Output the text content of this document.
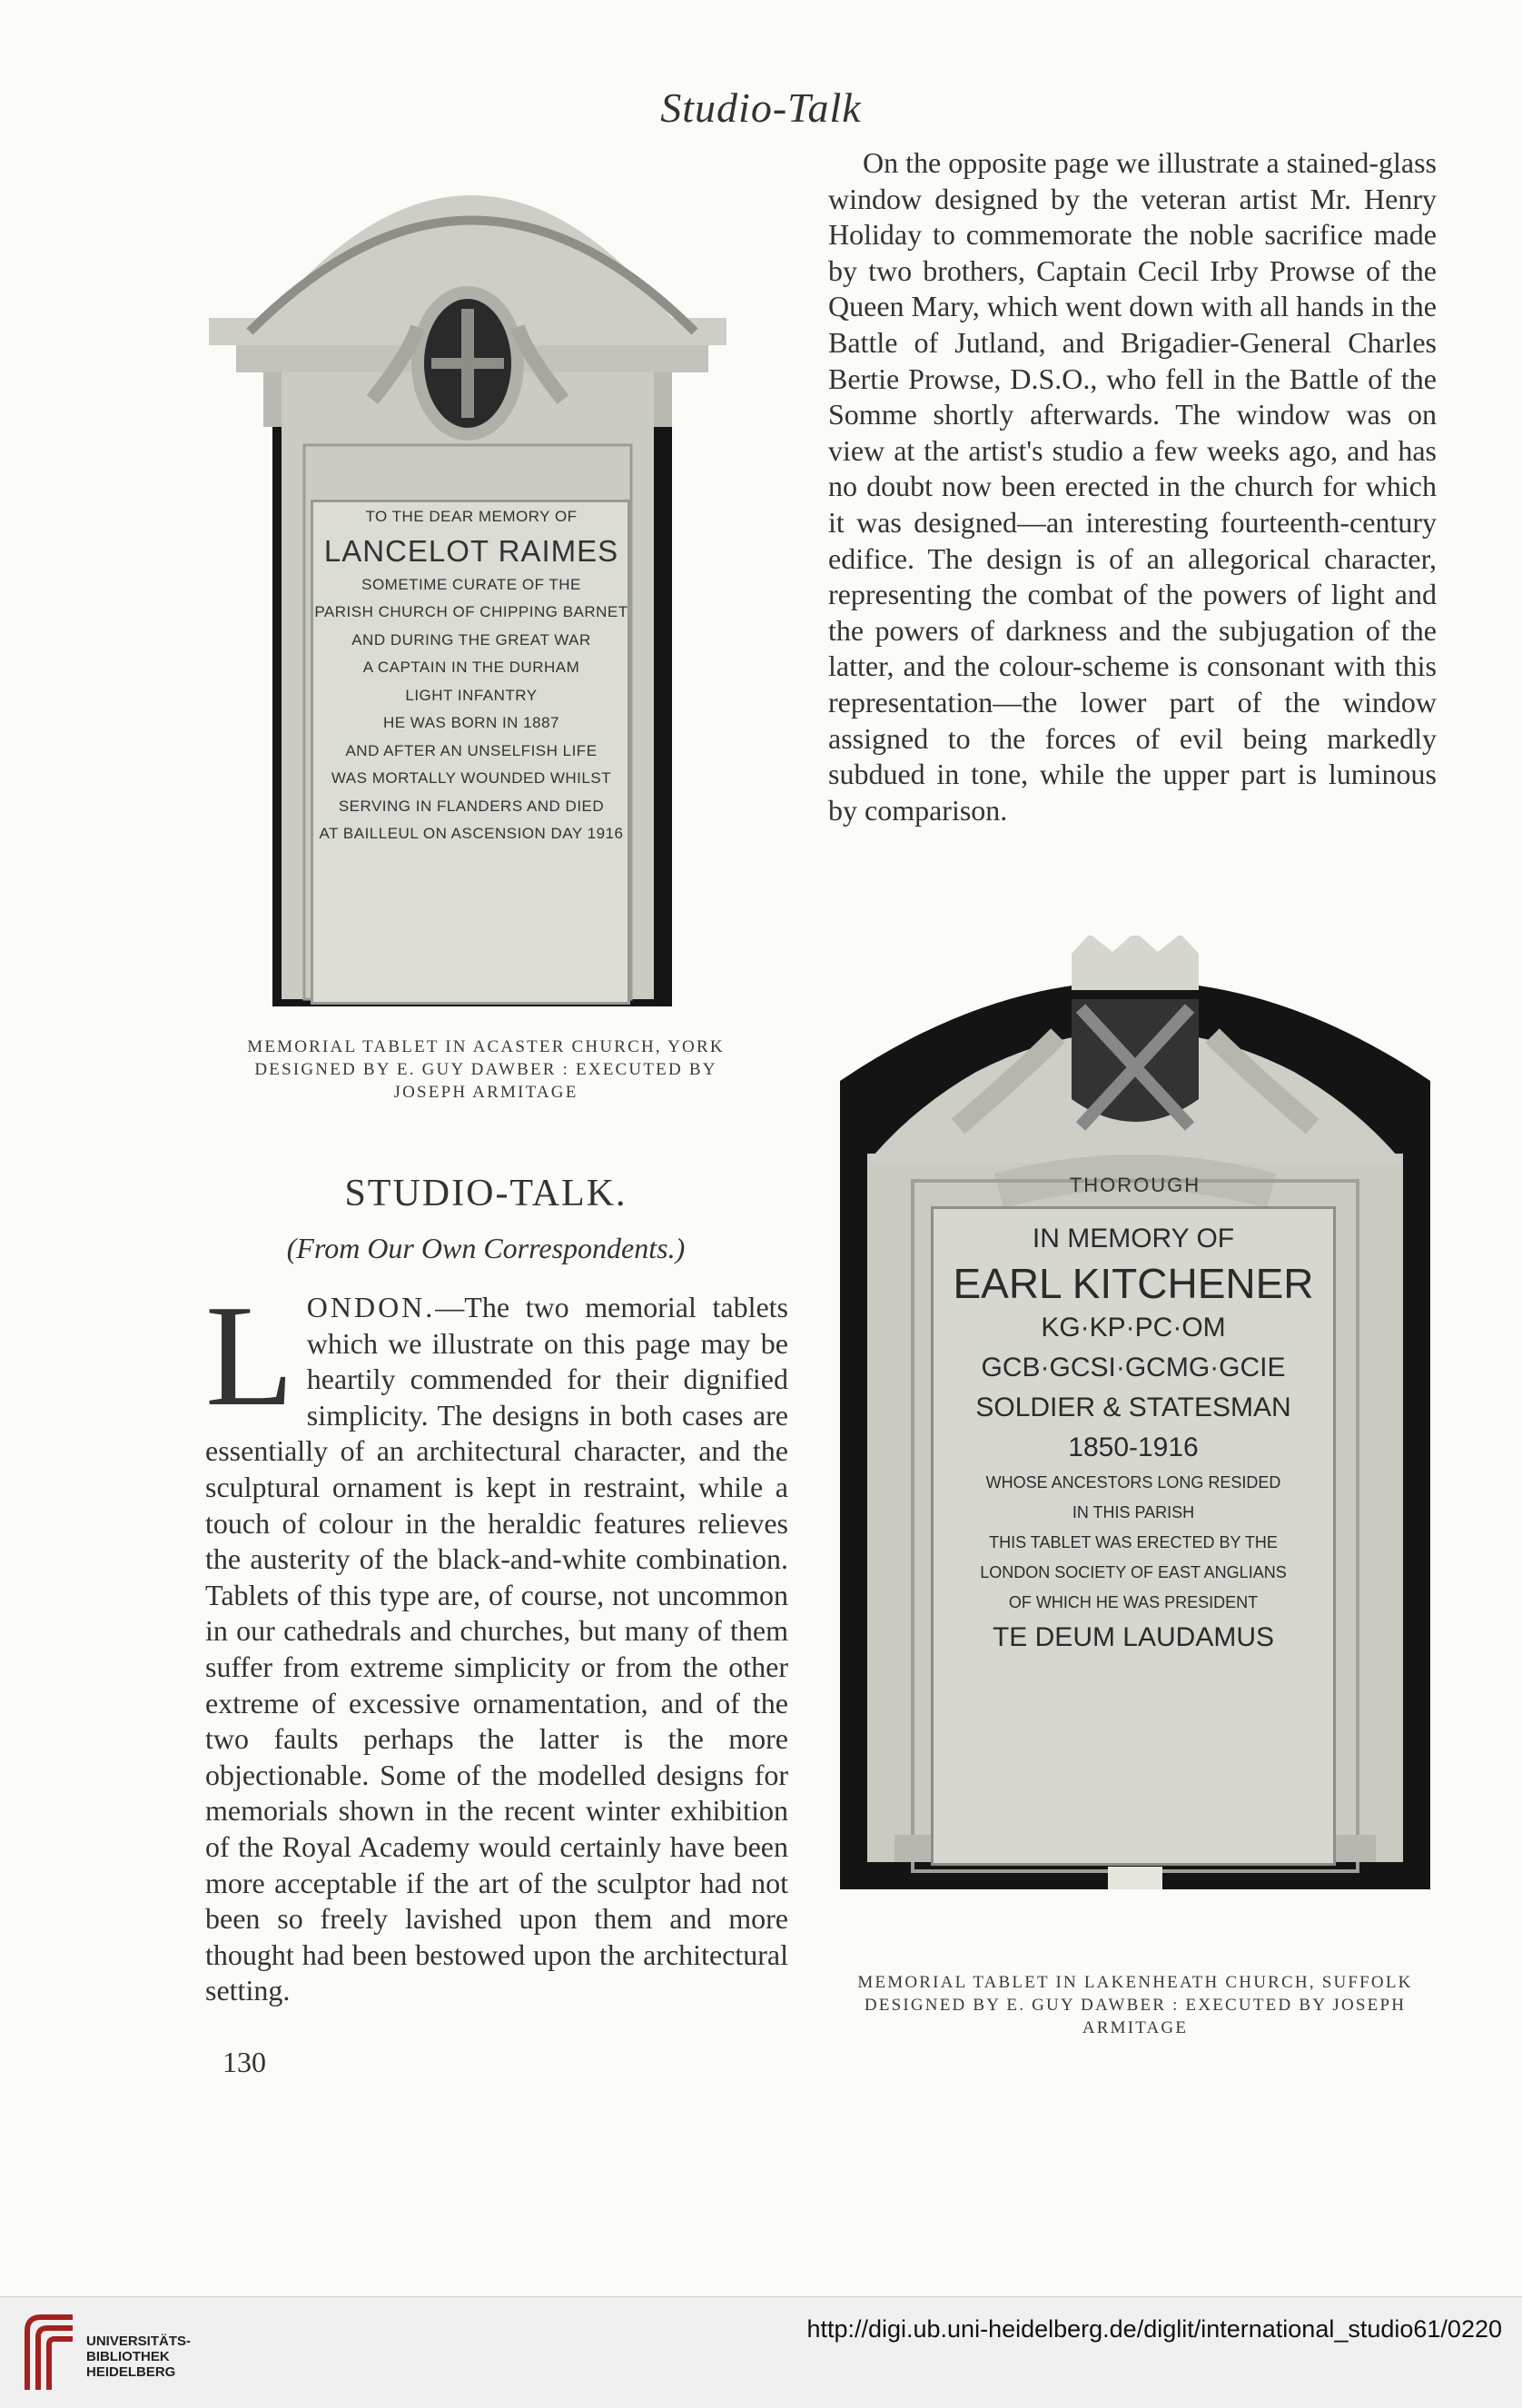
Studio-Talk
On the opposite page we illustrate a stained-glass window designed by the veteran artist Mr. Henry Holiday to commemorate the noble sacrifice made by two brothers, Captain Cecil Irby Prowse of the Queen Mary, which went down with all hands in the Battle of Jutland, and Brigadier-General Charles Bertie Prowse, D.S.O., who fell in the Battle of the Somme shortly afterwards. The window was on view at the artist's studio a few weeks ago, and has no doubt now been erected in the church for which it was designed—an interesting fourteenth-century edifice. The design is of an allegorical character, representing the combat of the powers of light and the powers of darkness and the subjugation of the latter, and the colour-scheme is consonant with this representation—the lower part of the window assigned to the forces of evil being markedly subdued in tone, while the upper part is luminous by comparison.
TO THE DEAR MEMORY OF
LANCELOT RAIMES
SOMETIME CURATE OF THE
PARISH CHURCH OF CHIPPING BARNET
AND DURING THE GREAT WAR
A CAPTAIN IN THE DURHAM
LIGHT INFANTRY
HE WAS BORN IN 1887
AND AFTER AN UNSELFISH LIFE
WAS MORTALLY WOUNDED WHILST
SERVING IN FLANDERS AND DIED
AT BAILLEUL ON ASCENSION DAY 1916
MEMORIAL TABLET IN ACASTER CHURCH, YORK DESIGNED BY E. GUY DAWBER : EXECUTED BY JOSEPH ARMITAGE
STUDIO-TALK.
(From Our Own Correspondents.)
LONDON.—The two memorial tablets which we illustrate on this page may be heartily commended for their dignified simplicity. The designs in both cases are essentially of an architectural character, and the sculptural ornament is kept in restraint, while a touch of colour in the heraldic features relieves the austerity of the black-and-white combination. Tablets of this type are, of course, not uncommon in our cathedrals and churches, but many of them suffer from extreme simplicity or from the other extreme of excessive ornamentation, and of the two faults perhaps the latter is the more objectionable. Some of the modelled designs for memorials shown in the recent winter exhibition of the Royal Academy would certainly have been more acceptable if the art of the sculptor had not been so freely lavished upon them and more thought had been bestowed upon the architectural setting.
130
THOROUGH
IN MEMORY OF
EARL KITCHENER
KG·KP·PC·OM
GCB·GCSI·GCMG·GCIE
SOLDIER & STATESMAN
1850-1916
WHOSE ANCESTORS LONG RESIDED
IN THIS PARISH
THIS TABLET WAS ERECTED BY THE
LONDON SOCIETY OF EAST ANGLIANS
OF WHICH HE WAS PRESIDENT
TE DEUM LAUDAMUS
MEMORIAL TABLET IN LAKENHEATH CHURCH, SUFFOLK DESIGNED BY E. GUY DAWBER : EXECUTED BY JOSEPH ARMITAGE
UNIVERSITÄTS-
BIBLIOTHEK
HEIDELBERG
http://digi.ub.uni-heidelberg.de/diglit/international_studio61/0220
